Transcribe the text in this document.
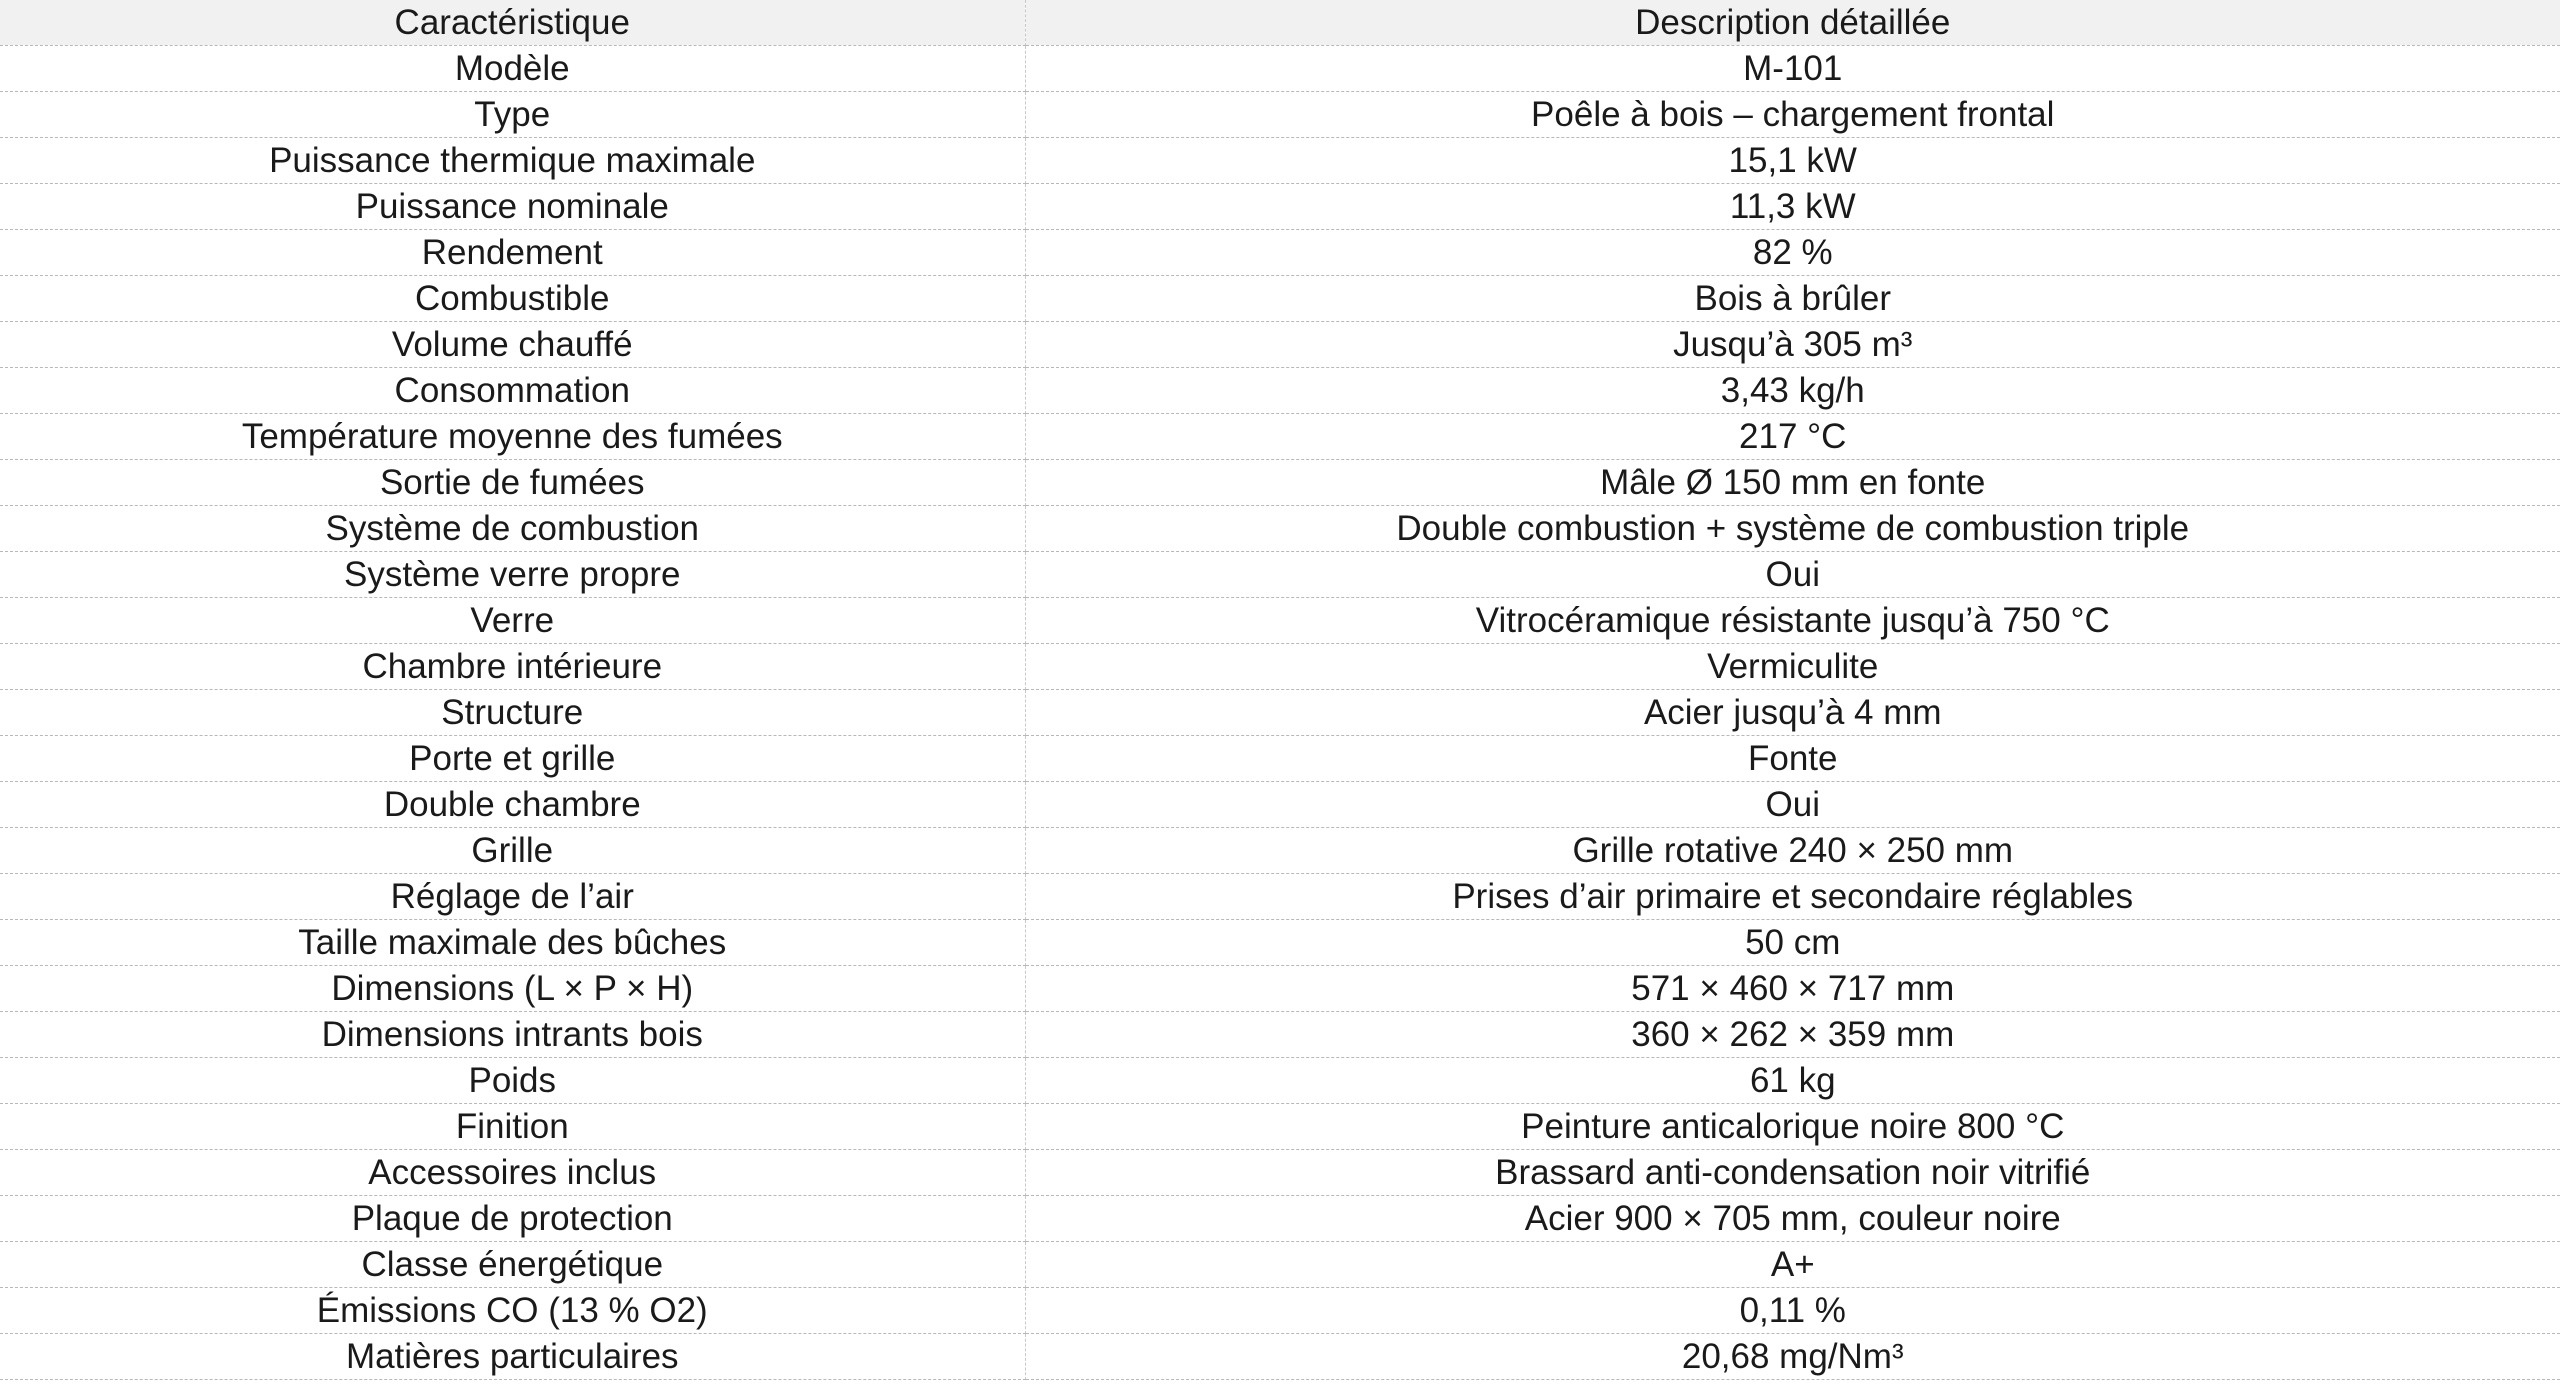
Caractéristique	Description détaillée
Modèle	M-101
Type	Poêle à bois – chargement frontal
Puissance thermique maximale	15,1 kW
Puissance nominale	11,3 kW
Rendement	82 %
Combustible	Bois à brûler
Volume chauffé	Jusqu’à 305 m³
Consommation	3,43 kg/h
Température moyenne des fumées	217 °C
Sortie de fumées	Mâle Ø 150 mm en fonte
Système de combustion	Double combustion + système de combustion triple
Système verre propre	Oui
Verre	Vitrocéramique résistante jusqu’à 750 °C
Chambre intérieure	Vermiculite
Structure	Acier jusqu’à 4 mm
Porte et grille	Fonte
Double chambre	Oui
Grille	Grille rotative 240 × 250 mm
Réglage de l’air	Prises d’air primaire et secondaire réglables
Taille maximale des bûches	50 cm
Dimensions (L × P × H)	571 × 460 × 717 mm
Dimensions intrants bois	360 × 262 × 359 mm
Poids	61 kg
Finition	Peinture anticalorique noire 800 °C
Accessoires inclus	Brassard anti-condensation noir vitrifié
Plaque de protection	Acier 900 × 705 mm, couleur noire
Classe énergétique	A+
Émissions CO (13 % O2)	0,11 %
Matières particulaires	20,68 mg/Nm³
